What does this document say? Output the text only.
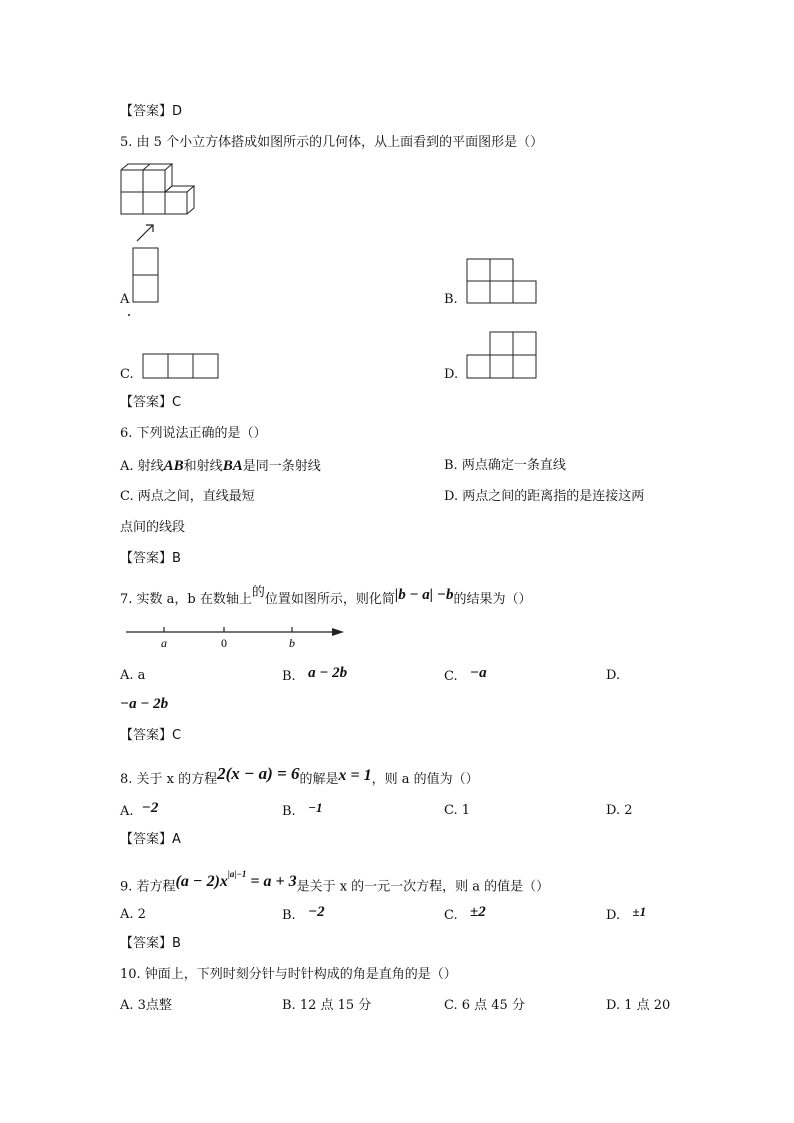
【答案】D
5. 由 5 个小立方体搭成如图所示的几何体，从上面看到的平面图形是（）
A	B.
C.	D.
【答案】C
6. 下列说法正确的是（）
A. 射线AB和射线BA是同一条射线	B. 两点确定一条直线
C. 两点之间，直线最短	D. 两点之间的距离指的是连接这两
点间的线段
【答案】B
7. 实数 a，b 在数轴上的位置如图所示，则化简|b − a| −b的结果为（）
a	0	b
A. a	B. a − 2b	C. −a	D.
−a − 2b
【答案】C
8. 关于 x 的方程2(x − a) = 6的解是x = 1，则 a 的值为（）
A. −2	B. −1	C. 1	D. 2
【答案】A
9. 若方程$(a - 2)x^{|a|-1} = a + 3$是关于 x 的一元一次方程，则 a 的值是（）
A. 2	B. −2	C. ±2	D. ±1
【答案】B
10. 钟面上，下列时刻分针与时针构成的角是直角的是（）
A. 3点整	B. 12 点 15 分	C. 6 点 45 分	D. 1 点 20
